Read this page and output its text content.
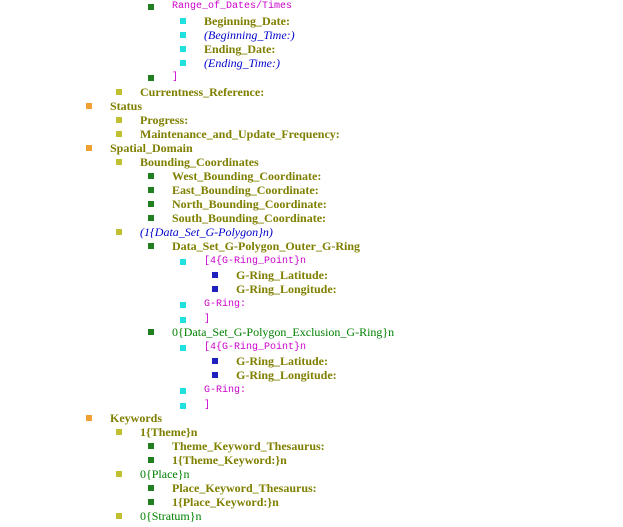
Range_of_Dates/Times
Beginning_Date:
(Beginning_Time:)
Ending_Date:
(Ending_Time:)
]
Currentness_Reference:
Status
Progress:
Maintenance_and_Update_Frequency:
Spatial_Domain
Bounding_Coordinates
West_Bounding_Coordinate:
East_Bounding_Coordinate:
North_Bounding_Coordinate:
South_Bounding_Coordinate:
(1{Data_Set_G-Polygon}n)
Data_Set_G-Polygon_Outer_G-Ring
[4{G-Ring_Point}n
G-Ring_Latitude:
G-Ring_Longitude:
G-Ring:
]
0{Data_Set_G-Polygon_Exclusion_G-Ring}n
[4{G-Ring_Point}n
G-Ring_Latitude:
G-Ring_Longitude:
G-Ring:
]
Keywords
1{Theme}n
Theme_Keyword_Thesaurus:
1{Theme_Keyword:}n
0{Place}n
Place_Keyword_Thesaurus:
1{Place_Keyword:}n
0{Stratum}n
